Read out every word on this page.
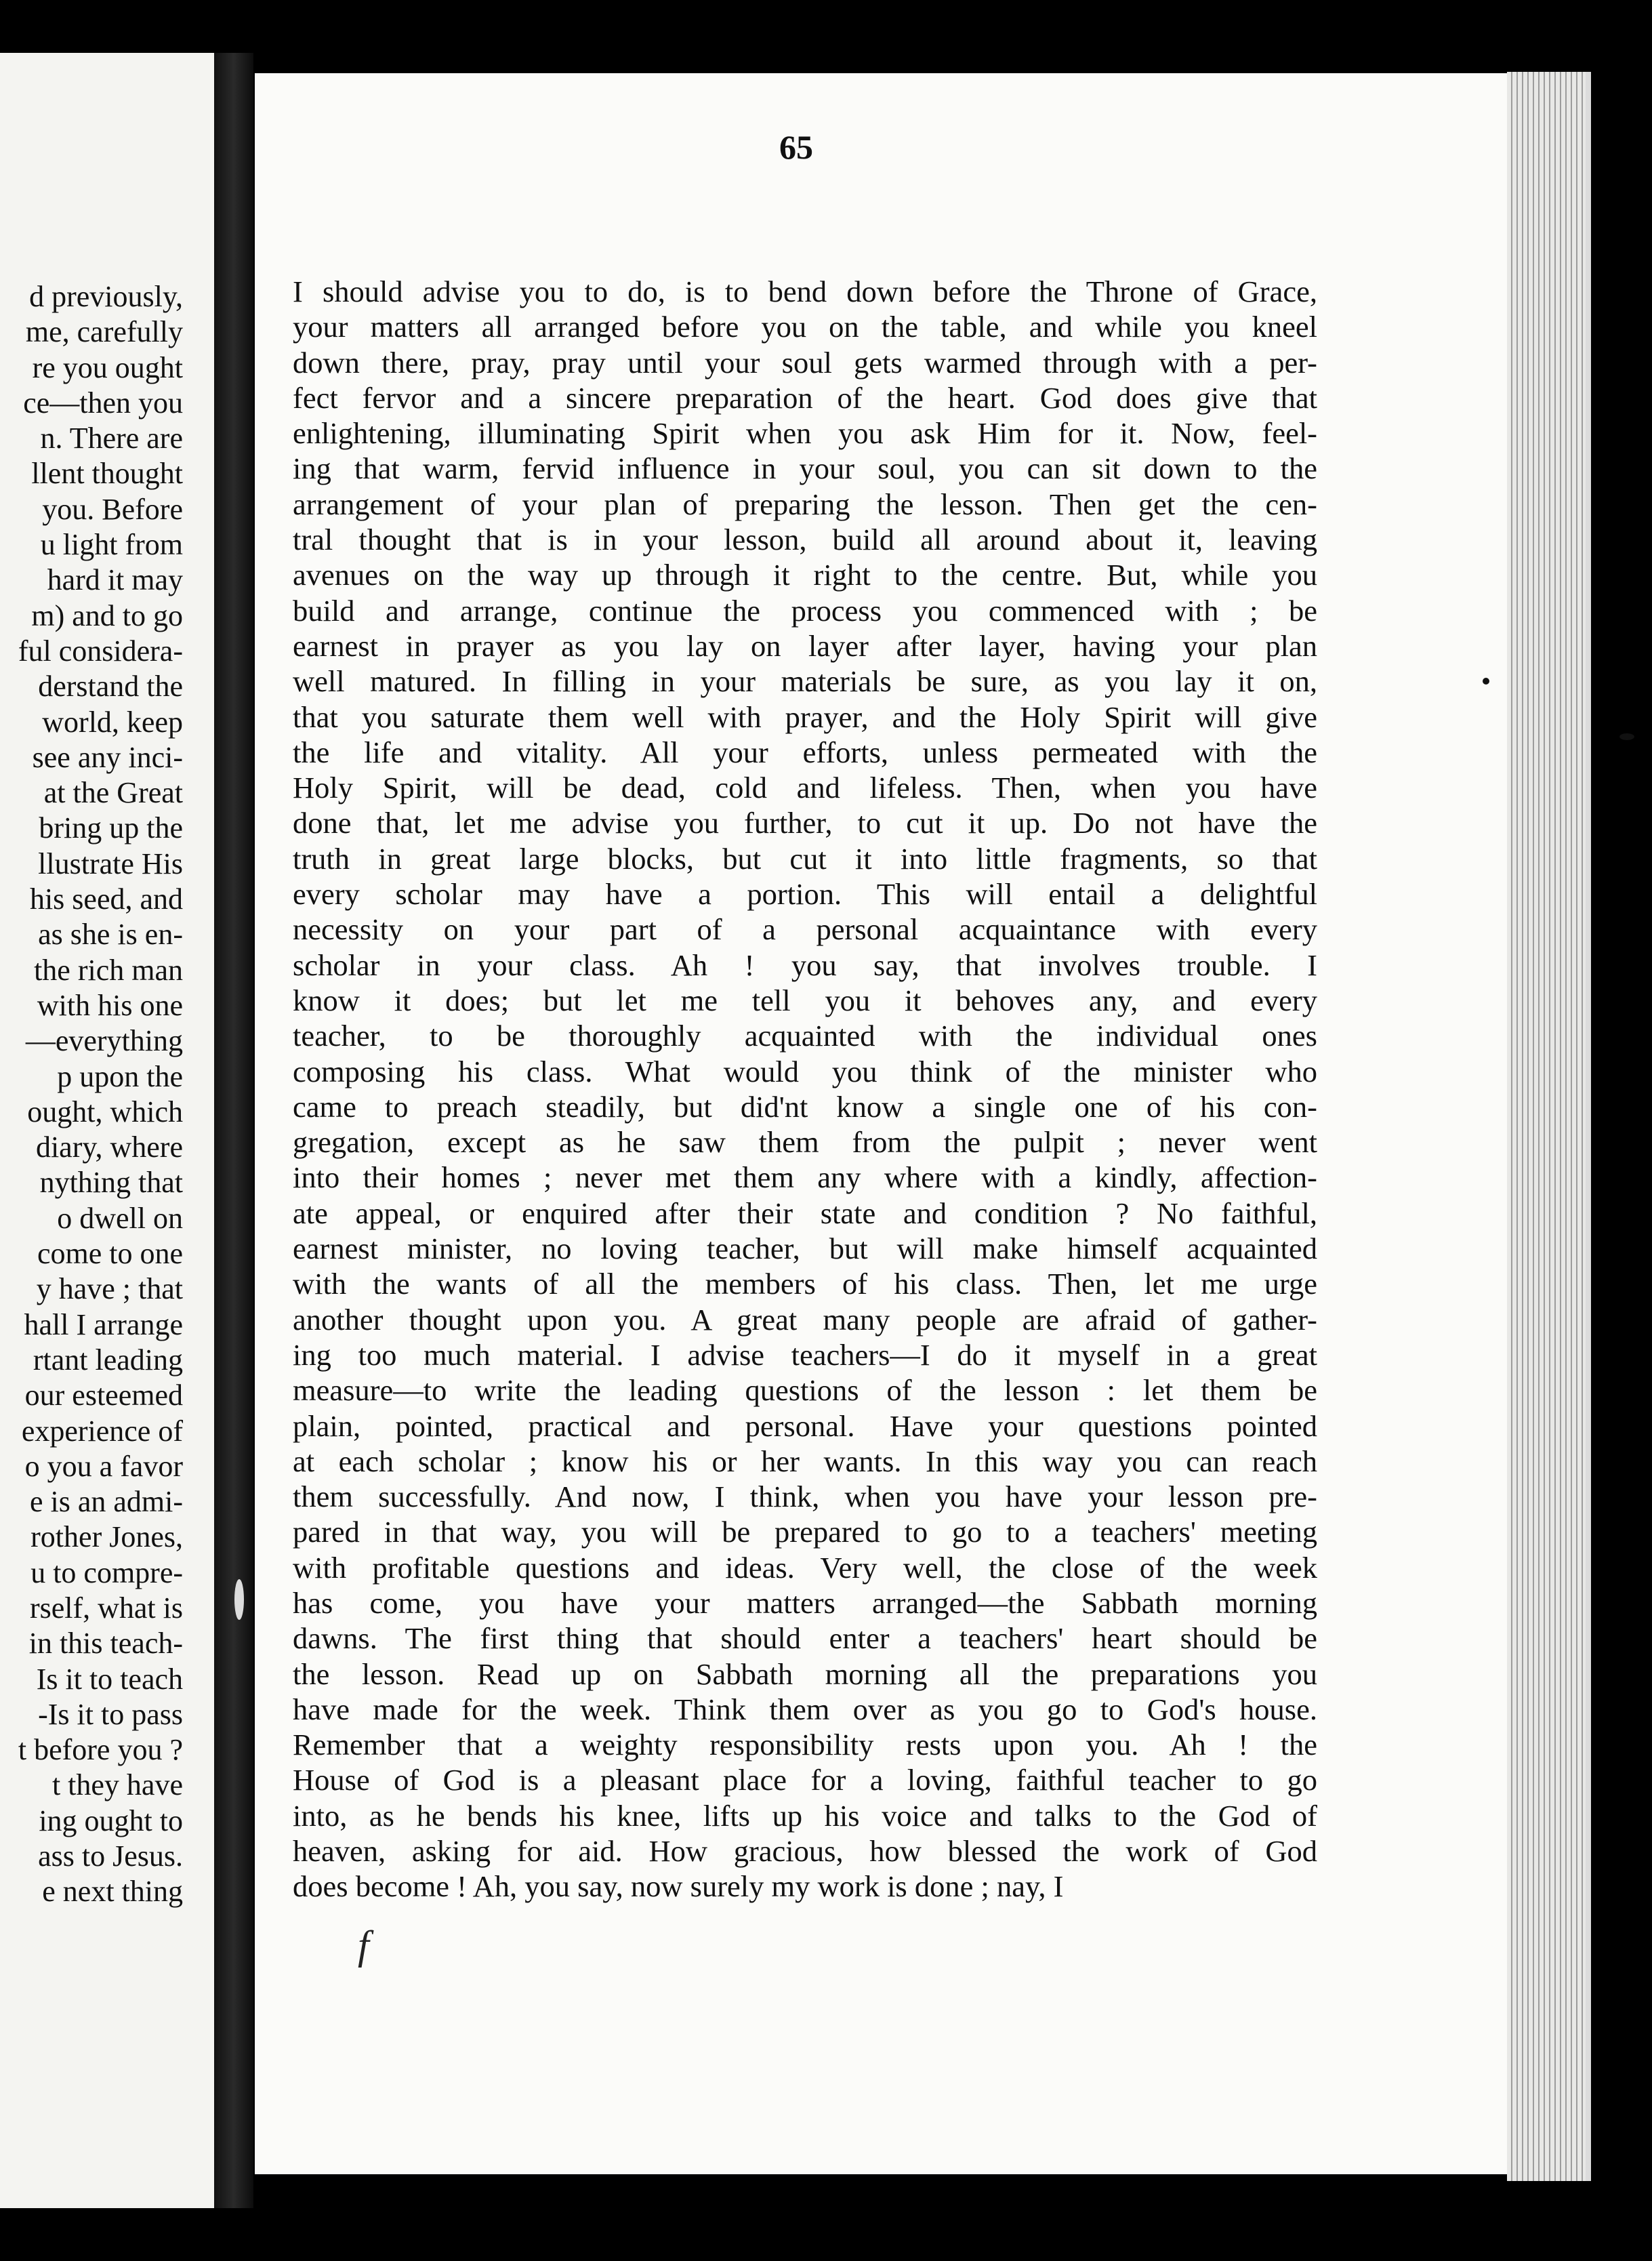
d previously,
me, carefully
re you ought
ce—then you
n. There are
llent thought
you. Before
u light from
hard it may
m) and to go
ful considera-
derstand the
world, keep
see any inci-
at the Great
bring up the
llustrate His
his seed, and
as she is en-
the rich man
with his one
—everything
p upon the
ought, which
diary, where
nything that
o dwell on
come to one
y have ; that
hall I arrange
rtant leading
our esteemed
experience of
o you a favor
e is an admi-
rother Jones,
u to compre-
rself, what is
in this teach-
Is it to teach
-Is it to pass
t before you ?
t they have
ing ought to
ass to Jesus.
e next thing
65
I should advise you to do, is to bend down before the Throne of Grace,
your matters all arranged before you on the table, and while you kneel
down there, pray, pray until your soul gets warmed through with a per-
fect fervor and a sincere preparation of the heart. God does give that
enlightening, illuminating Spirit when you ask Him for it. Now, feel-
ing that warm, fervid influence in your soul, you can sit down to the
arrangement of your plan of preparing the lesson. Then get the cen-
tral thought that is in your lesson, build all around about it, leaving
avenues on the way up through it right to the centre. But, while you
build and arrange, continue the process you commenced with ; be
earnest in prayer as you lay on layer after layer, having your plan
well matured. In filling in your materials be sure, as you lay it on,
that you saturate them well with prayer, and the Holy Spirit will give
the life and vitality. All your efforts, unless permeated with the
Holy Spirit, will be dead, cold and lifeless. Then, when you have
done that, let me advise you further, to cut it up. Do not have the
truth in great large blocks, but cut it into little fragments, so that
every scholar may have a portion. This will entail a delightful
necessity on your part of a personal acquaintance with every
scholar in your class. Ah ! you say, that involves trouble. I
know it does; but let me tell you it behoves any, and every
teacher, to be thoroughly acquainted with the individual ones
composing his class. What would you think of the minister who
came to preach steadily, but did'nt know a single one of his con-
gregation, except as he saw them from the pulpit ; never went
into their homes ; never met them any where with a kindly, affection-
ate appeal, or enquired after their state and condition ? No faithful,
earnest minister, no loving teacher, but will make himself acquainted
with the wants of all the members of his class. Then, let me urge
another thought upon you. A great many people are afraid of gather-
ing too much material. I advise teachers—I do it myself in a great
measure—to write the leading questions of the lesson : let them be
plain, pointed, practical and personal. Have your questions pointed
at each scholar ; know his or her wants. In this way you can reach
them successfully. And now, I think, when you have your lesson pre-
pared in that way, you will be prepared to go to a teachers' meeting
with profitable questions and ideas. Very well, the close of the week
has come, you have your matters arranged—the Sabbath morning
dawns. The first thing that should enter a teachers' heart should be
the lesson. Read up on Sabbath morning all the preparations you
have made for the week. Think them over as you go to God's house.
Remember that a weighty responsibility rests upon you. Ah ! the
House of God is a pleasant place for a loving, faithful teacher to go
into, as he bends his knee, lifts up his voice and talks to the God of
heaven, asking for aid. How gracious, how blessed the work of God
does become ! Ah, you say, now surely my work is done ; nay, I
f
